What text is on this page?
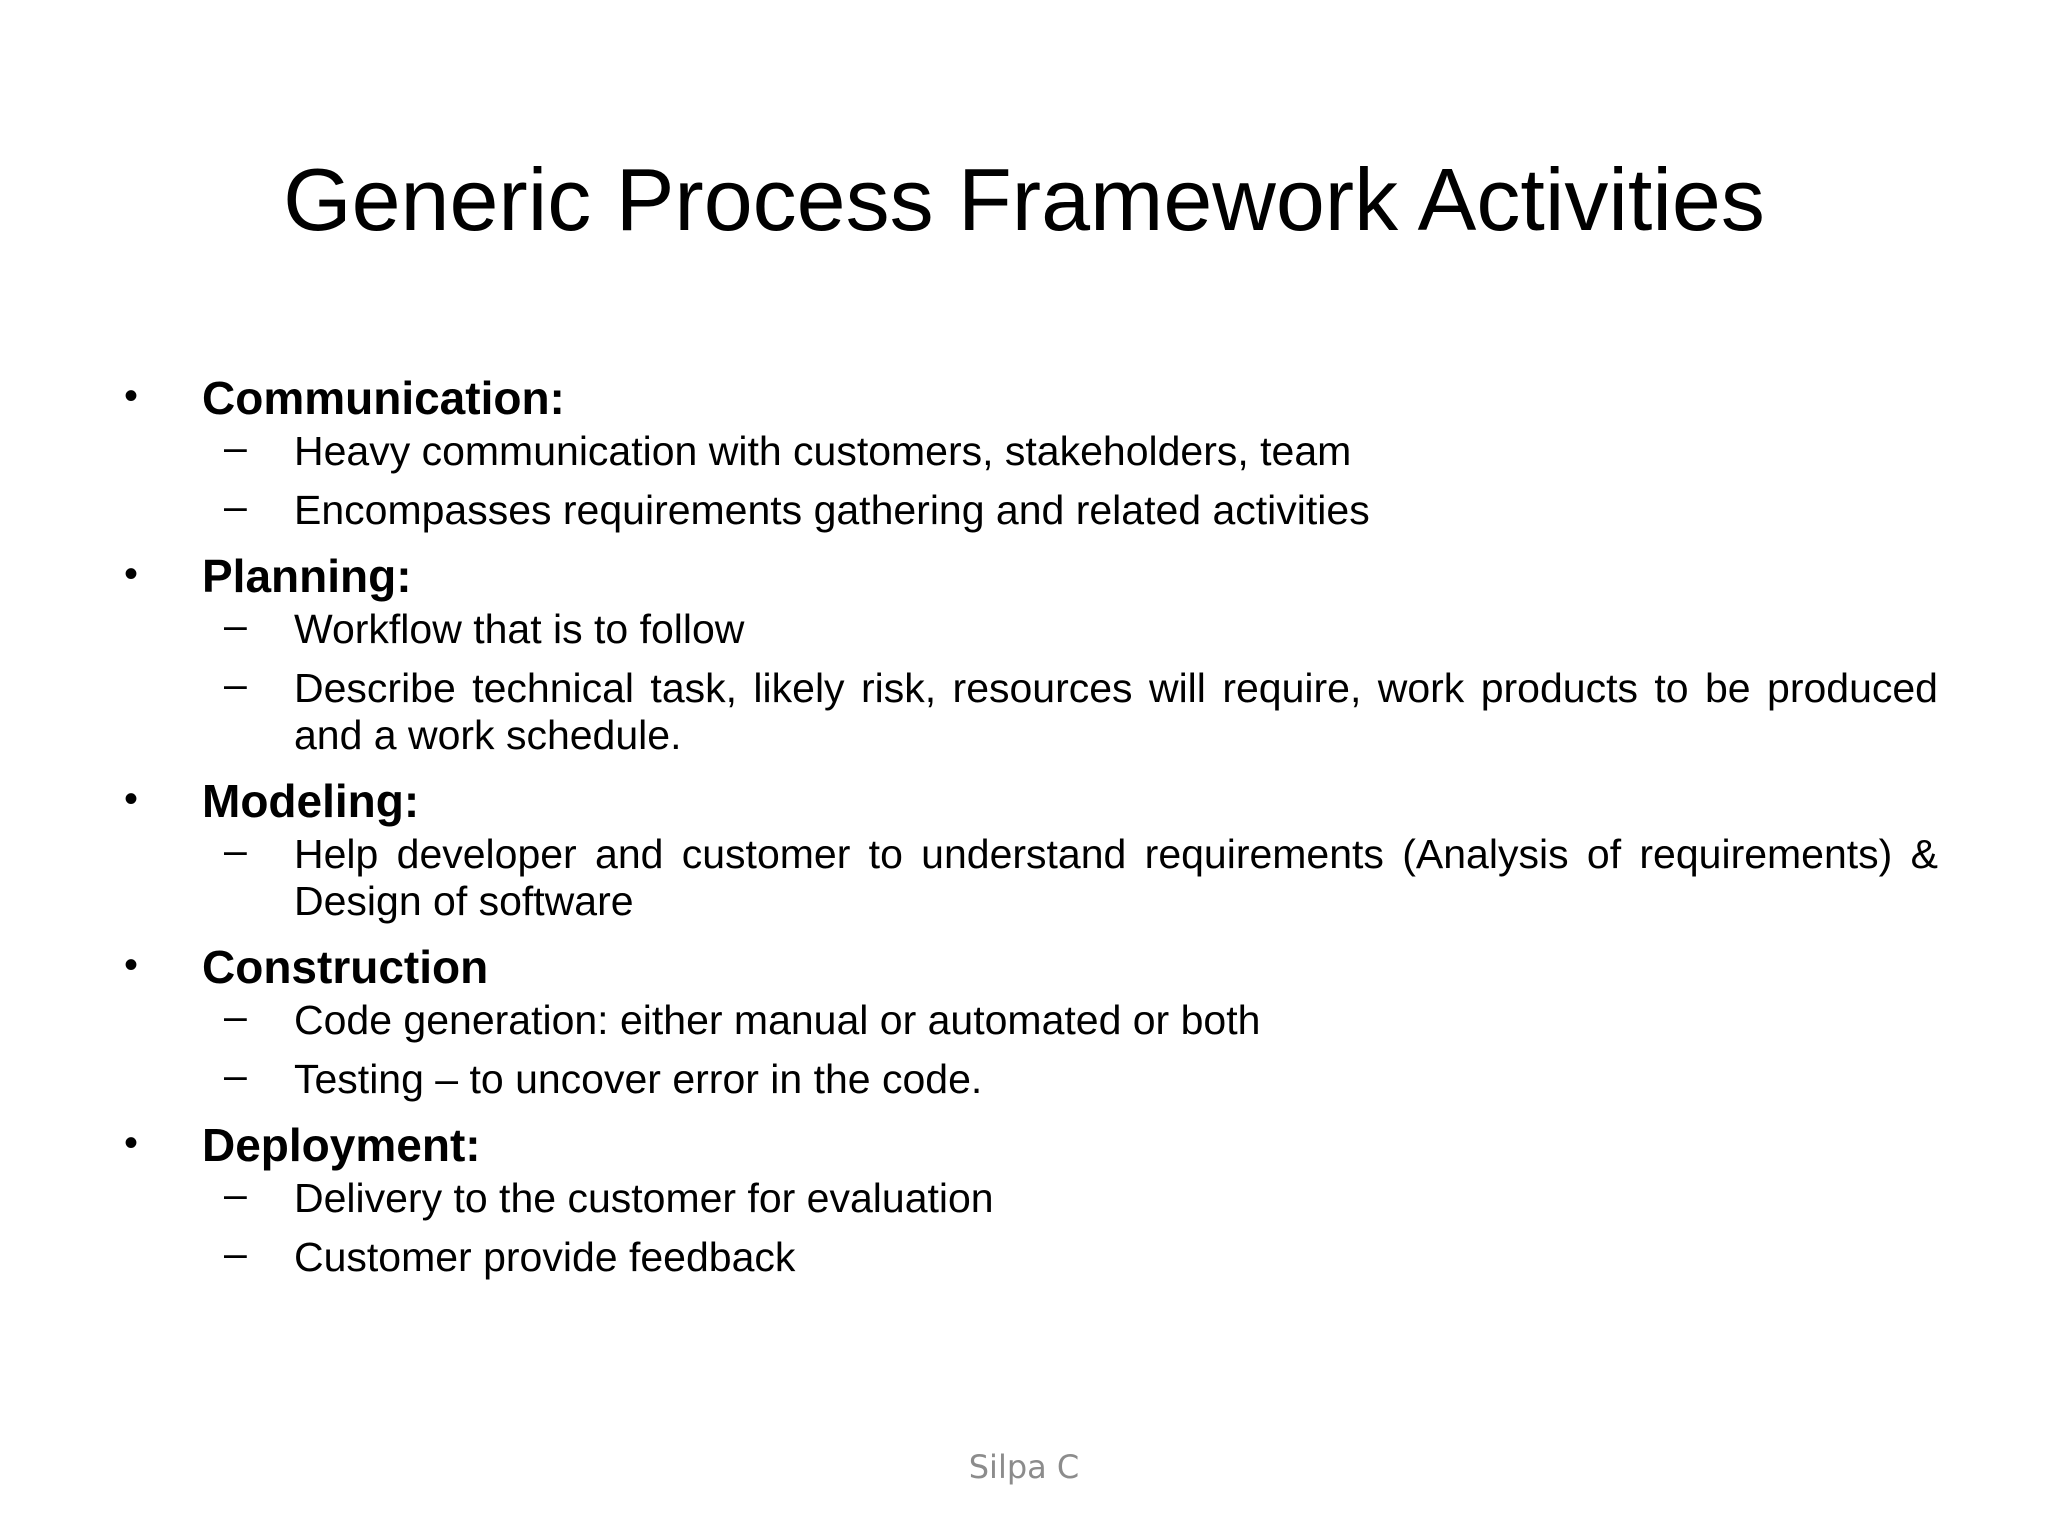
Generic Process Framework Activities
• Communication:
– Heavy communication with customers, stakeholders, team
– Encompasses requirements gathering and related activities
• Planning:
– Workflow that is to follow
– Describe technical task, likely risk, resources will require, work products to be produced and a work schedule.
• Modeling:
– Help developer and customer to understand requirements (Analysis of requirements) & Design of software
• Construction
– Code generation: either manual or automated or both
– Testing – to uncover error in the code.
• Deployment:
– Delivery to the customer for evaluation
– Customer provide feedback
Silpa C
